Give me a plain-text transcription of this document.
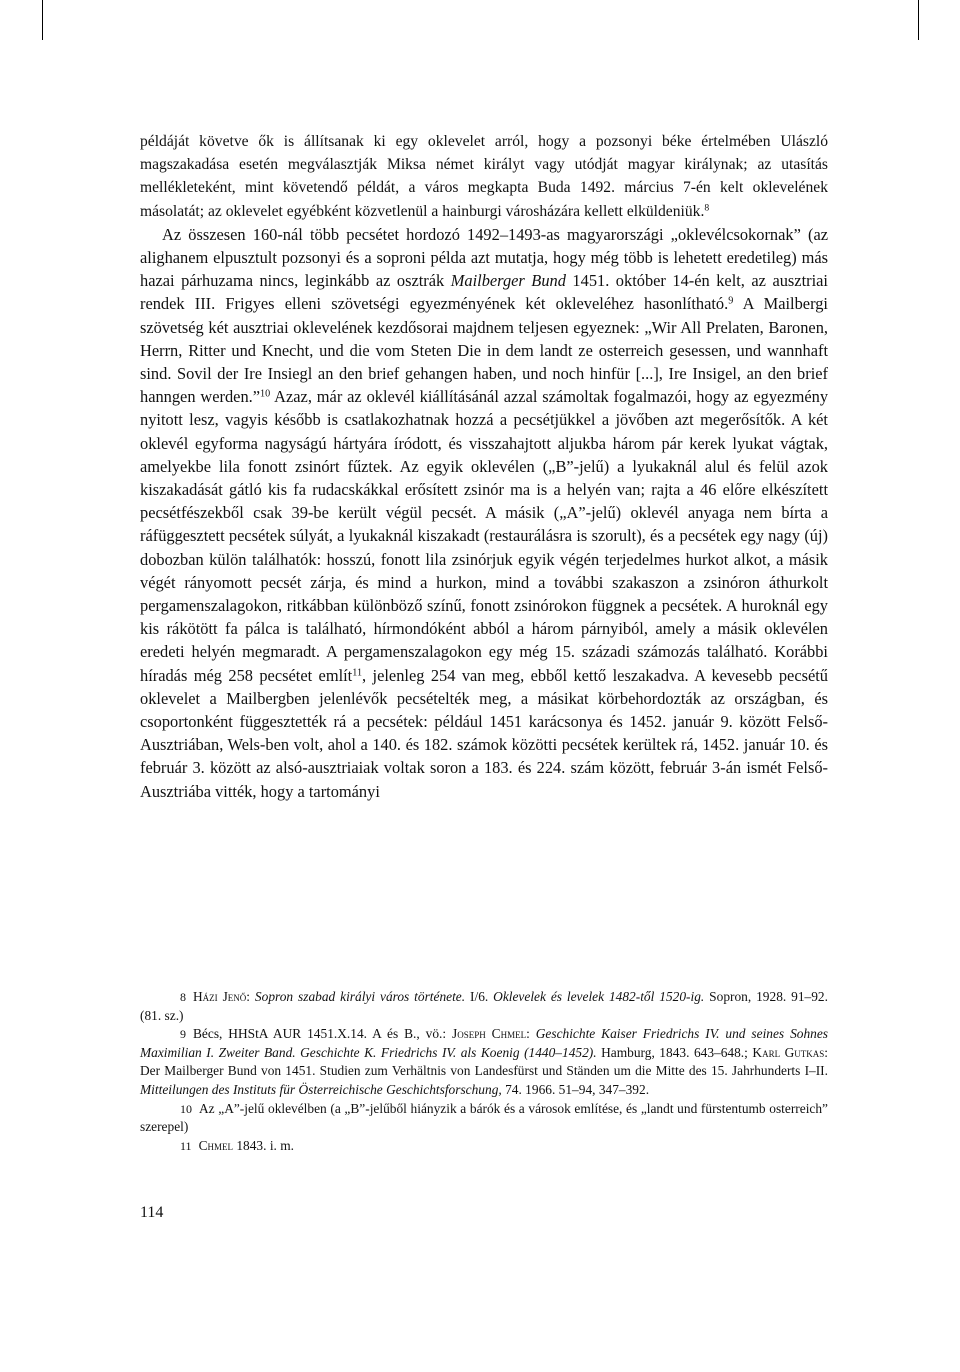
példáját követve ők is állítsanak ki egy oklevelet arról, hogy a pozsonyi béke értelmében Ulászló magszakadása esetén megválasztják Miksa német királyt vagy utódját magyar királynak; az utasítás mellékleteként, mint követendő példát, a város megkapta Buda 1492. március 7-én kelt oklevelének másolatát; az oklevelet egyébként közvetlenül a hainburgi városházára kellett elküldeniük.$^8$

Az összesen 160-nál több pecsétet hordozó 1492–1493-as magyarországi „oklevélcsokornak” (az alighanem elpusztult pozsonyi és a soproni példa azt mutatja, hogy még több is lehetett eredetileg) más hazai párhuzama nincs, leginkább az osztrák Mailberger Bund 1451. október 14-én kelt, az ausztriai rendek III. Frigyes elleni szövetségi egyezményének két okleveléhez hasonlítható.$^9$ A Mailbergi szövetség két ausztriai oklevelének kezdősorai majdnem teljesen egyeznek: „Wir All Prelaten, Baronen, Herrn, Ritter und Knecht, und die vom Steten Die in dem landt ze osterreich gesessen, und wannhaft sind. Sovil der Ire Insiegl an den brief gehangen haben, und noch hinfür [...], Ire Insigel, an den brief hanngen werden.”$^{10}$ Azaz, már az oklevél kiállításánál azzal számoltak fogalmazói, hogy az egyezmény nyitott lesz, vagyis később is csatlakozhatnak hozzá a pecsétjükkel a jövőben azt megerősítők. A két oklevél egyforma nagyságú hártyára íródott, és visszahajtott aljukba három pár kerek lyukat vágtak, amelyekbe lila fonott zsinórt fűztek. Az egyik oklevélen („B”-jelű) a lyukaknál alul és felül azok kiszakadását gátló kis fa rudacskákkal erősített zsinór ma is a helyén van; rajta a 46 előre elkészített pecsétfészekből csak 39-be került végül pecsét. A másik („A”-jelű) oklevél anyaga nem bírta a ráfüggesztett pecsétek súlyát, a lyukaknál kiszakadt (restaurálásra is szorult), és a pecsétek egy nagy (új) dobozban külön találhatók: hosszú, fonott lila zsinórjuk egyik végén terjedelmes hurkot alkot, a másik végét rányomott pecsét zárja, és mind a hurkon, mind a további szakaszon a zsinóron áthurkolt pergamenszalagokon, ritkábban különböző színű, fonott zsinórokon függnek a pecsétek. A huroknál egy kis rákötött fa pálca is található, hírmondóként abból a három párnyiból, amely a másik oklevélen eredeti helyén megmaradt. A pergamenszalagokon egy még 15. századi számozás található. Korábbi híradás még 258 pecsétet említ$^{11}$, jelenleg 254 van meg, ebből kettő leszakadva. A kevesebb pecsétű oklevelet a Mailbergben jelenlévők pecsételték meg, a másikat körbehordozták az országban, és csoportonként függesztették rá a pecsétek: például 1451 karácsonya és 1452. január 9. között Felső-Ausztriában, Wels-ben volt, ahol a 140. és 182. számok közötti pecsétek kerültek rá, 1452. január 10. és február 3. között az alsó-ausztriaiak voltak soron a 183. és 224. szám között, február 3-án ismét Felső-Ausztriába vitték, hogy a tartományi

8 Házi Jenő: Sopron szabad királyi város története. I/6. Oklevelek és levelek 1482-től 1520-ig. Sopron, 1928. 91–92. (81. sz.)

9 Bécs, HHStA AUR 1451.X.14. A és B., vö.: Joseph Chmel: Geschichte Kaiser Friedrichs IV. und seines Sohnes Maximilian I. Zweiter Band. Geschichte K. Friedrichs IV. als Koenig (1440–1452). Hamburg, 1843. 643–648.; Karl Gutkas: Der Mailberger Bund von 1451. Studien zum Verhältnis von Landesfürst und Ständen um die Mitte des 15. Jahrhunderts I–II. Mitteilungen des Instituts für Österreichische Geschichtsforschung, 74. 1966. 51–94, 347–392.

10 Az „A”-jelű oklevélben (a „B”-jelűből hiányzik a bárók és a városok említése, és „landt und fürstentumb osterreich” szerepel)

11 Chmel 1843. i. m.

114
